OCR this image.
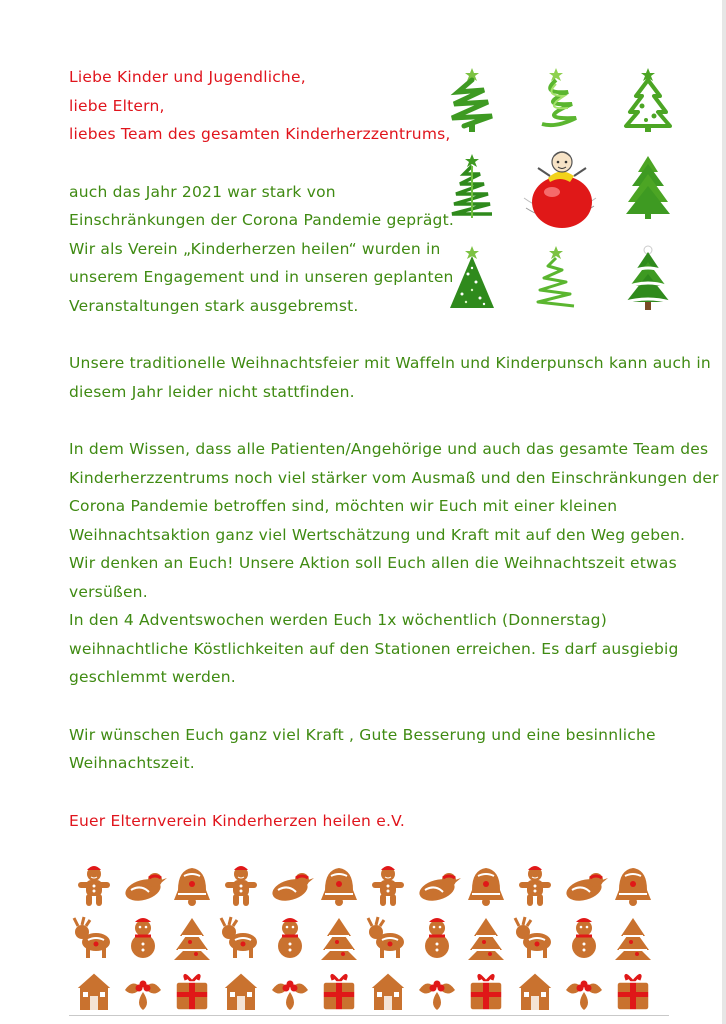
Liebe Kinder und Jugendliche,
liebe Eltern,
liebes Team des gesamten Kinderherzzentrums,
auch das Jahr 2021 war stark von
Einschränkungen der Corona Pandemie geprägt.
Wir als Verein „Kinderherzen heilen“ wurden in
unserem Engagement und in unseren geplanten
Veranstaltungen stark ausgebremst.
Unsere traditionelle Weihnachtsfeier mit Waffeln und Kinderpunsch kann auch in
diesem Jahr leider nicht stattfinden.
In dem Wissen, dass alle Patienten/Angehörige und auch das gesamte Team des
Kinderherzzentrums noch viel stärker vom Ausmaß und den Einschränkungen der
Corona Pandemie betroffen sind, möchten wir Euch mit einer kleinen
Weihnachtsaktion ganz viel Wertschätzung und Kraft mit auf den Weg geben.
Wir denken an Euch! Unsere Aktion soll Euch allen die Weihnachtszeit etwas
versüßen.
In den 4 Adventswochen werden Euch 1x wöchentlich (Donnerstag)
weihnachtliche Köstlichkeiten auf den Stationen erreichen. Es darf ausgiebig
geschlemmt werden.
Wir wünschen Euch ganz viel Kraft , Gute Besserung und eine besinnliche
Weihnachtszeit.
Euer Elternverein Kinderherzen heilen e.V.
